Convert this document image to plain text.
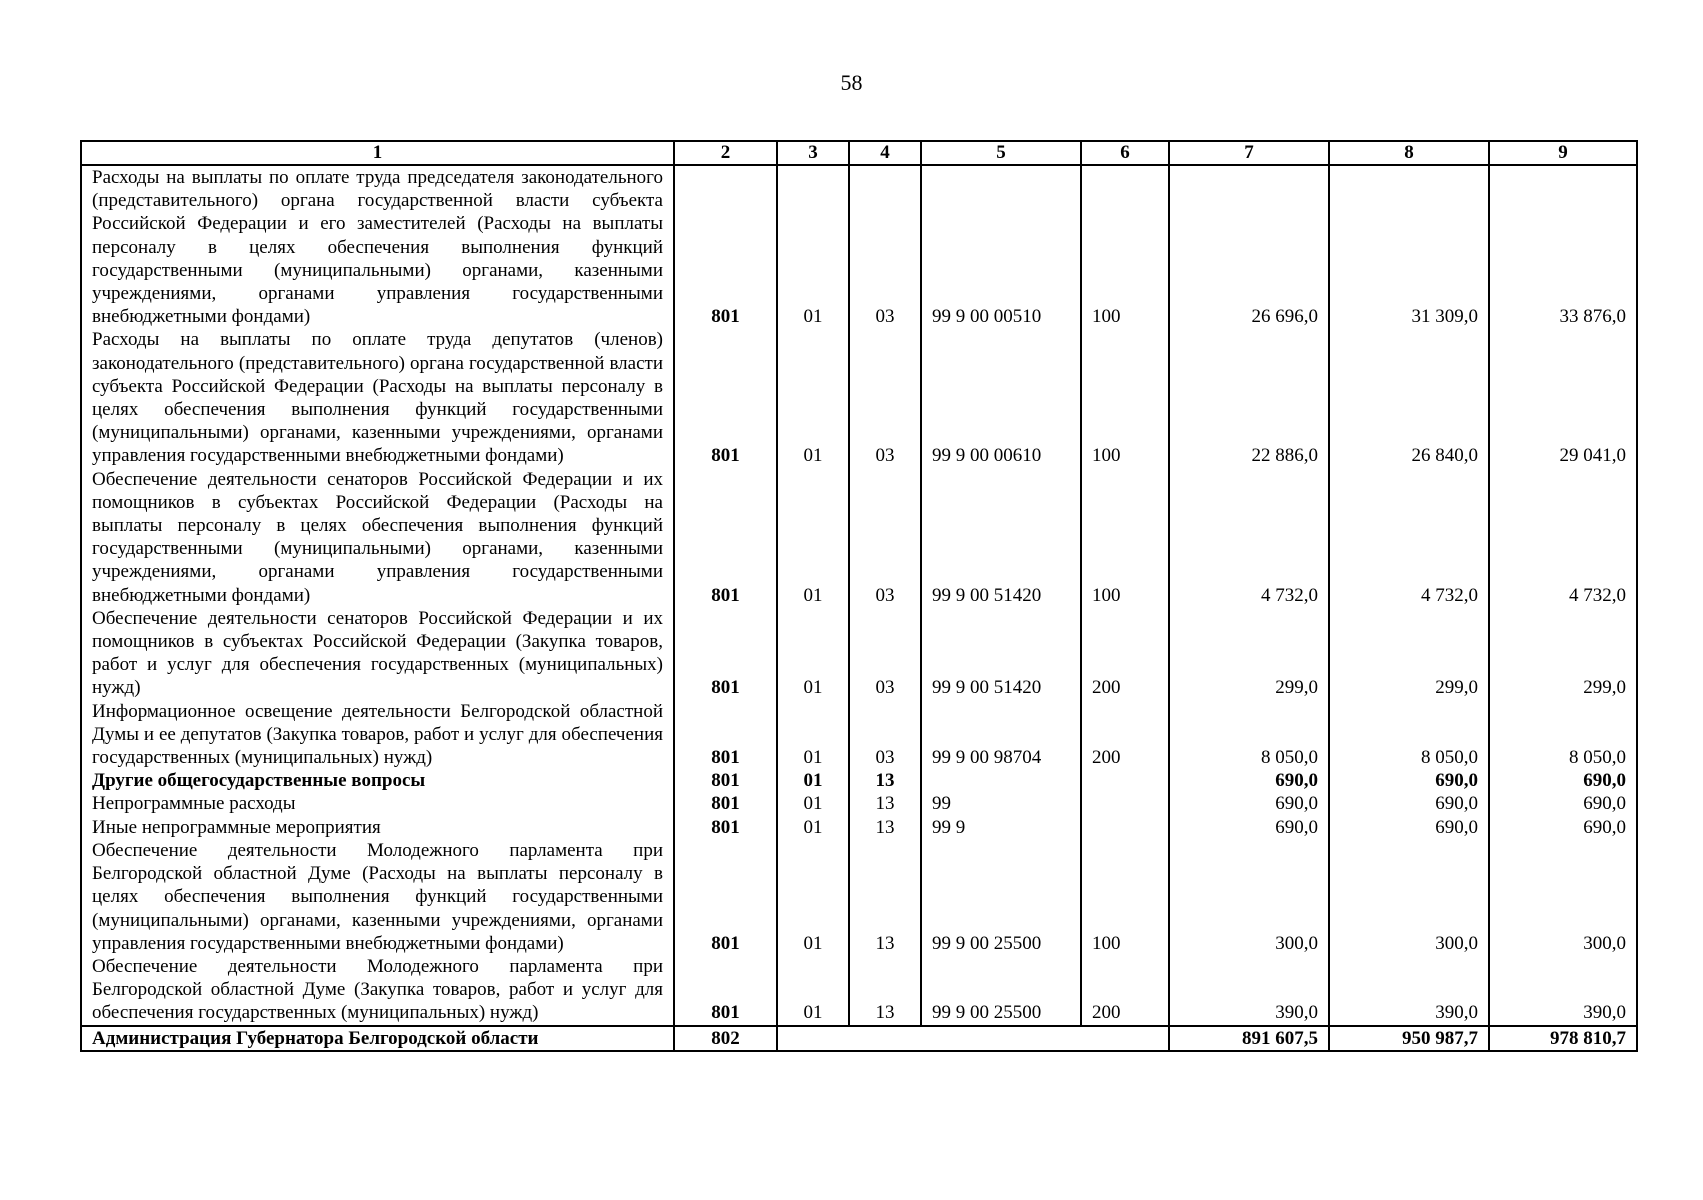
58
1	2	3	4	5	6	7	8	9
Расходы на выплаты по оплате труда председателя законодательного (представительного) органа государственной власти субъекта Российской Федерации и его заместителей (Расходы на выплаты персоналу в целях обеспечения выполнения функций государственными (муниципальными) органами, казенными учреждениями, органами управления государственными внебюджетными фондами)	801	01	03	99 9 00 00510	100	26 696,0	31 309,0	33 876,0
Расходы на выплаты по оплате труда депутатов (членов) законодательного (представительного) органа государственной власти субъекта Российской Федерации (Расходы на выплаты персоналу в целях обеспечения выполнения функций государственными (муниципальными) органами, казенными учреждениями, органами управления государственными внебюджетными фондами)	801	01	03	99 9 00 00610	100	22 886,0	26 840,0	29 041,0
Обеспечение деятельности сенаторов Российской Федерации и их помощников в субъектах Российской Федерации (Расходы на выплаты персоналу в целях обеспечения выполнения функций государственными (муниципальными) органами, казенными учреждениями, органами управления государственными внебюджетными фондами)	801	01	03	99 9 00 51420	100	4 732,0	4 732,0	4 732,0
Обеспечение деятельности сенаторов Российской Федерации и их помощников в субъектах Российской Федерации (Закупка товаров, работ и услуг для обеспечения государственных (муниципальных) нужд)	801	01	03	99 9 00 51420	200	299,0	299,0	299,0
Информационное освещение деятельности Белгородской областной Думы и ее депутатов (Закупка товаров, работ и услуг для обеспечения государственных (муниципальных) нужд)	801	01	03	99 9 00 98704	200	8 050,0	8 050,0	8 050,0
Другие общегосударственные вопросы	801	01	13			690,0	690,0	690,0
Непрограммные расходы	801	01	13	99		690,0	690,0	690,0
Иные непрограммные мероприятия	801	01	13	99 9		690,0	690,0	690,0
Обеспечение деятельности Молодежного парламента при Белгородской областной Думе (Расходы на выплаты персоналу в целях обеспечения выполнения функций государственными (муниципальными) органами, казенными учреждениями, органами управления государственными внебюджетными фондами)	801	01	13	99 9 00 25500	100	300,0	300,0	300,0
Обеспечение деятельности Молодежного парламента при Белгородской областной Думе (Закупка товаров, работ и услуг для обеспечения государственных (муниципальных) нужд)	801	01	13	99 9 00 25500	200	390,0	390,0	390,0
Администрация Губернатора Белгородской области	802					891 607,5	950 987,7	978 810,7
